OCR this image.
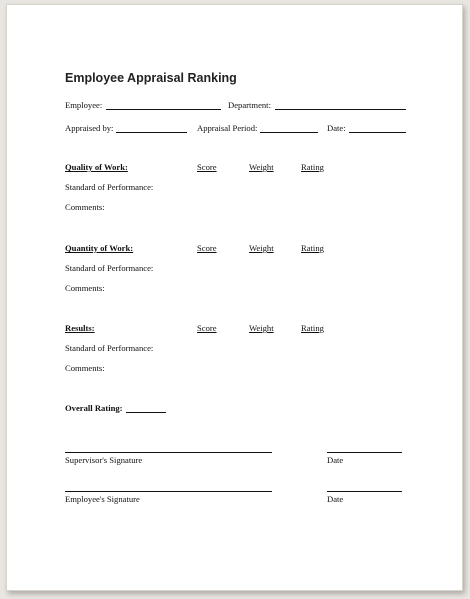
Employee Appraisal Ranking
Employee:	Department:
Appraised by:	Appraisal Period:	Date:
Quality of Work:	Score	Weight	Rating
Standard of Performance:
Comments:
Quantity of Work:	Score	Weight	Rating
Standard of Performance:
Comments:
Results:	Score	Weight	Rating
Standard of Performance:
Comments:
Overall Rating:
Supervisor's Signature	Date
Employee's Signature	Date
